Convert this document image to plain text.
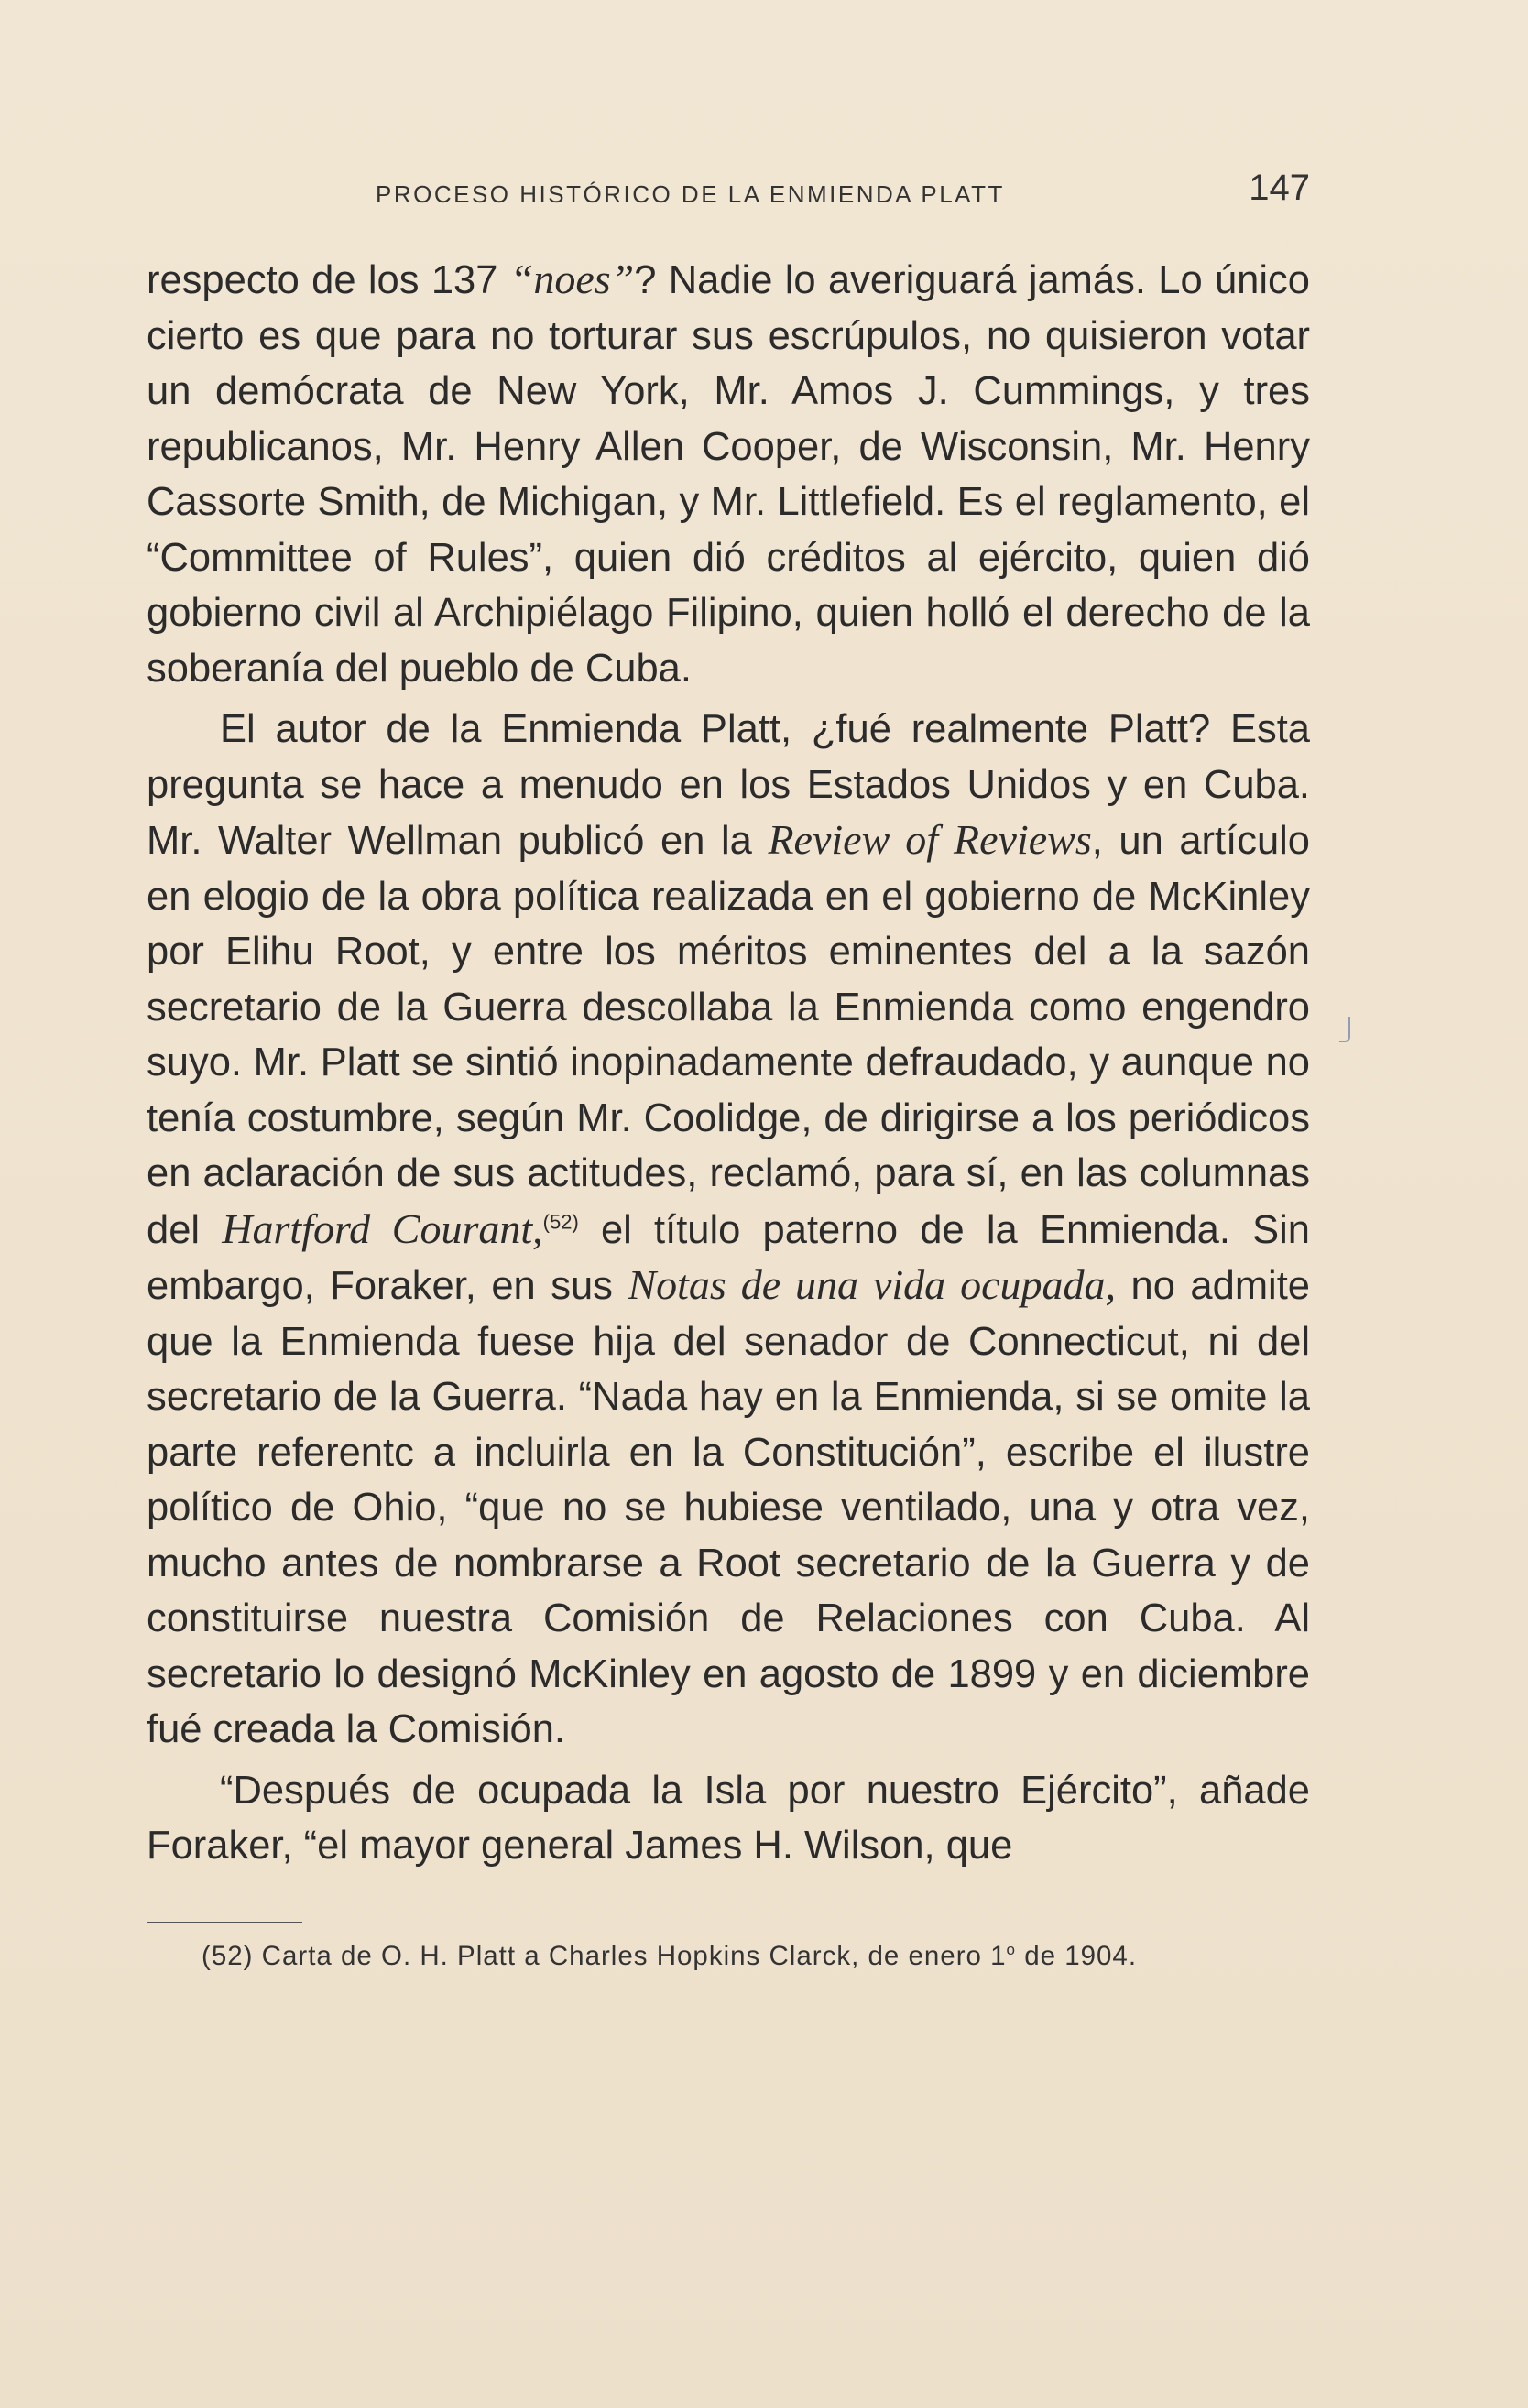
PROCESO HISTÓRICO DE LA ENMIENDA PLATT	147

respecto de los 137 “noes”? Nadie lo averiguará jamás. Lo único cierto es que para no torturar sus escrúpulos, no quisieron votar un demócrata de New York, Mr. Amos J. Cummings, y tres republicanos, Mr. Henry Allen Cooper, de Wisconsin, Mr. Henry Cassorte Smith, de Michigan, y Mr. Littlefield. Es el reglamento, el “Committee of Rules”, quien dió créditos al ejército, quien dió gobierno civil al Archipiélago Filipino, quien holló el derecho de la soberanía del pueblo de Cuba.

El autor de la Enmienda Platt, ¿fué realmente Platt? Esta pregunta se hace a menudo en los Estados Unidos y en Cuba. Mr. Walter Wellman publicó en la Review of Reviews, un artículo en elogio de la obra política realizada en el gobierno de McKinley por Elihu Root, y entre los méritos eminentes del a la sazón secretario de la Guerra descollaba la Enmienda como engendro suyo. Mr. Platt se sintió inopinadamente defraudado, y aunque no tenía costumbre, según Mr. Coolidge, de dirigirse a los periódicos en aclaración de sus actitudes, reclamó, para sí, en las columnas del Hartford Courant,$^{(52)}$ el título paterno de la Enmienda. Sin embargo, Foraker, en sus Notas de una vida ocupada, no admite que la Enmienda fuese hija del senador de Connecticut, ni del secretario de la Guerra. “Nada hay en la Enmienda, si se omite la parte referentc a incluirla en la Constitución”, escribe el ilustre político de Ohio, “que no se hubiese ventilado, una y otra vez, mucho antes de nombrarse a Root secretario de la Guerra y de constituirse nuestra Comisión de Relaciones con Cuba. Al secretario lo designó McKinley en agosto de 1899 y en diciembre fué creada la Comisión.

“Después de ocupada la Isla por nuestro Ejército”, añade Foraker, “el mayor general James H. Wilson, que

(52) Carta de O. H. Platt a Charles Hopkins Clarck, de enero 1$^o$ de 1904.
